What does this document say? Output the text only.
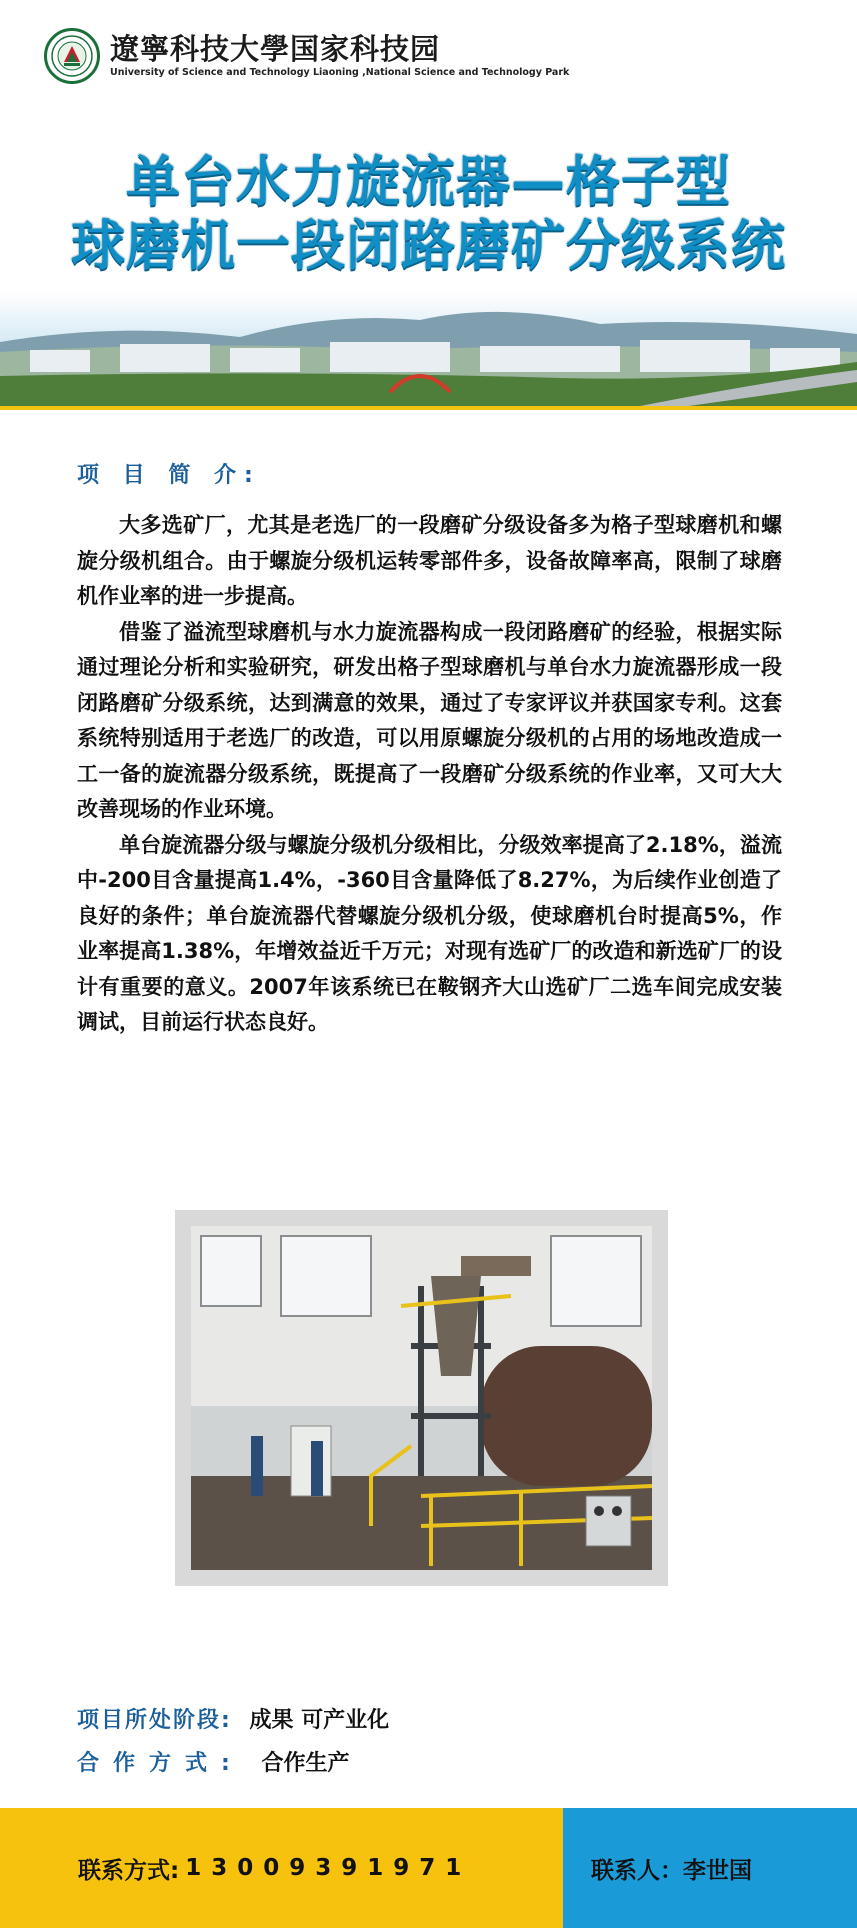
遼寧科技大學国家科技园
University of Science and Technology Liaoning ,National Science and Technology Park
单台水力旋流器—格子型
球磨机一段闭路磨矿分级系统
项 目 简 介:

大多选矿厂，尤其是老选厂的一段磨矿分级设备多为格子型球磨机和螺旋分级机组合。由于螺旋分级机运转零部件多，设备故障率高，限制了球磨机作业率的进一步提高。

借鉴了溢流型球磨机与水力旋流器构成一段闭路磨矿的经验，根据实际通过理论分析和实验研究，研发出格子型球磨机与单台水力旋流器形成一段闭路磨矿分级系统，达到满意的效果，通过了专家评议并获国家专利。这套系统特别适用于老选厂的改造，可以用原螺旋分级机的占用的场地改造成一工一备的旋流器分级系统，既提高了一段磨矿分级系统的作业率，又可大大改善现场的作业环境。

单台旋流器分级与螺旋分级机分级相比，分级效率提高了2.18%，溢流中-200目含量提高1.4%，-360目含量降低了8.27%，为后续作业创造了良好的条件；单台旋流器代替螺旋分级机分级，使球磨机台时提高5%，作业率提高1.38%，年增效益近千万元；对现有选矿厂的改造和新选矿厂的设计有重要的意义。2007年该系统已在鞍钢齐大山选矿厂二选车间完成安装调试，目前运行状态良好。

项目所处阶段: 成果 可产业化
合作方式: 合作生产
联系方式: 13009391971	联系人：李世国
